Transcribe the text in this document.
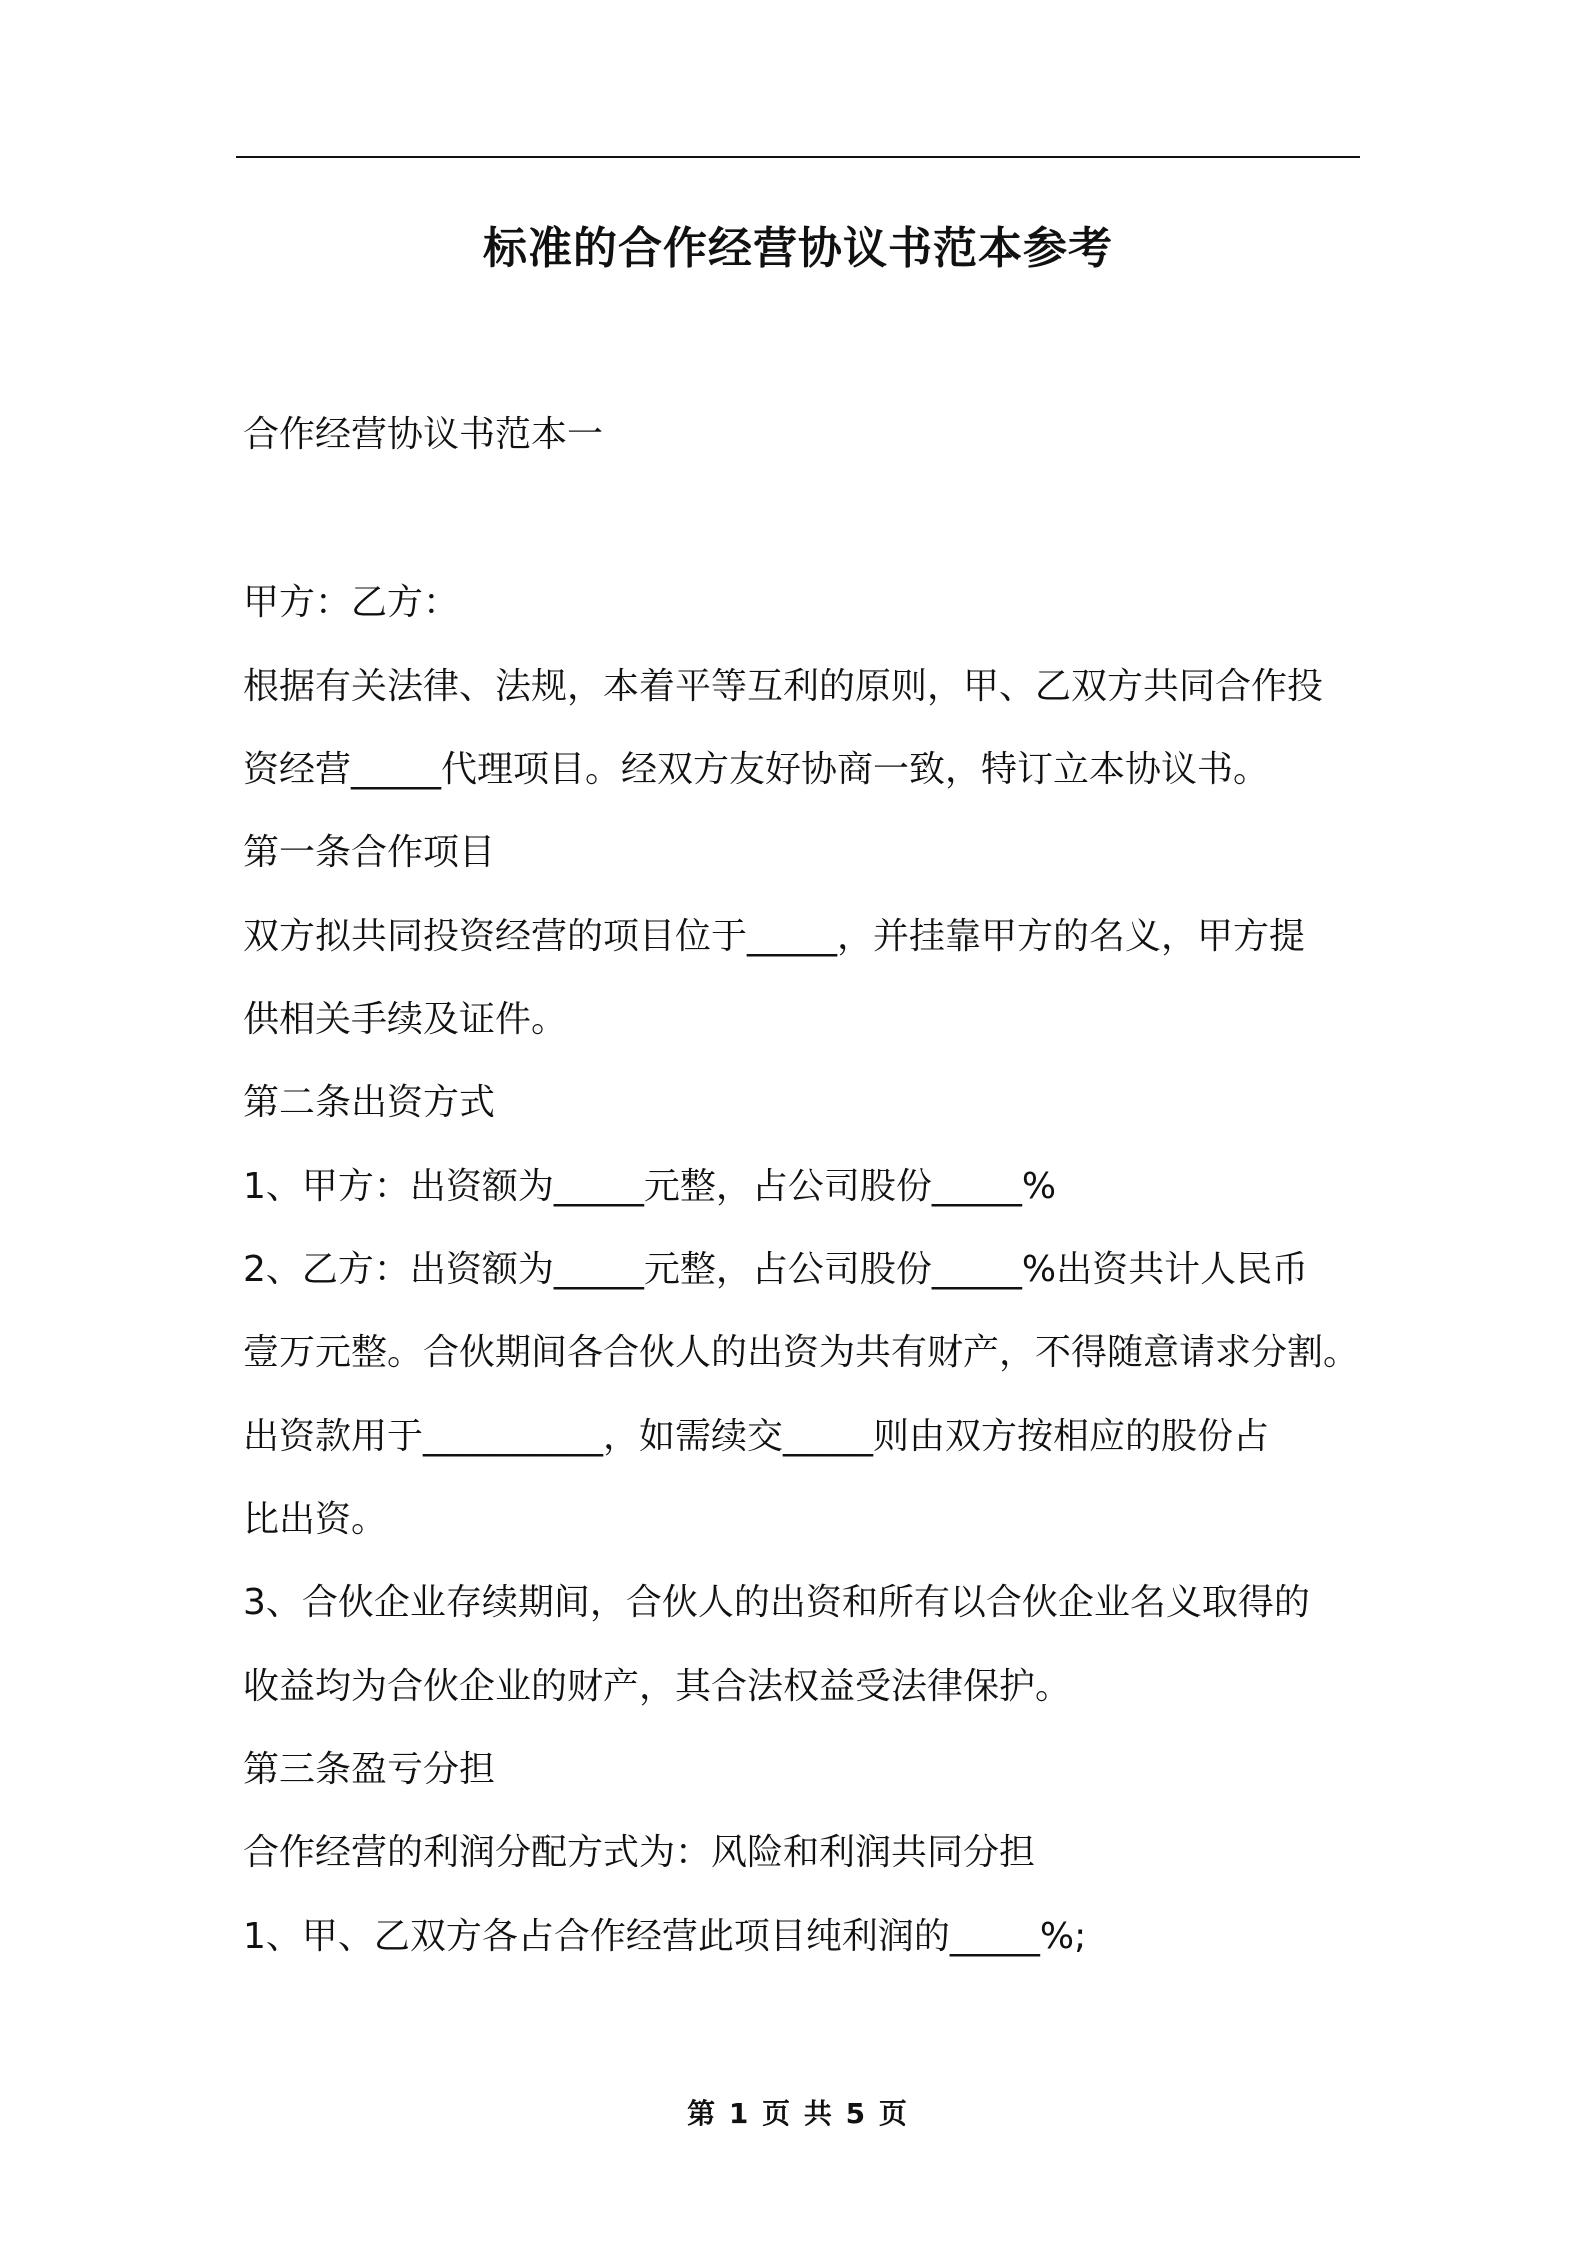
标准的合作经营协议书范本参考
合作经营协议书范本一
甲方：乙方：
根据有关法律、法规，本着平等互利的原则，甲、乙双方共同合作投
资经营_____代理项目。经双方友好协商一致，特订立本协议书。
第一条合作项目
双方拟共同投资经营的项目位于_____，并挂靠甲方的名义，甲方提
供相关手续及证件。
第二条出资方式
1、甲方：出资额为_____元整，占公司股份_____%
2、乙方：出资额为_____元整，占公司股份_____%出资共计人民币
壹万元整。合伙期间各合伙人的出资为共有财产，不得随意请求分割。
出资款用于__________，如需续交_____则由双方按相应的股份占
比出资。
3、合伙企业存续期间，合伙人的出资和所有以合伙企业名义取得的
收益均为合伙企业的财产，其合法权益受法律保护。
第三条盈亏分担
合作经营的利润分配方式为：风险和利润共同分担
1、甲、乙双方各占合作经营此项目纯利润的_____%;
第 1 页 共 5 页
